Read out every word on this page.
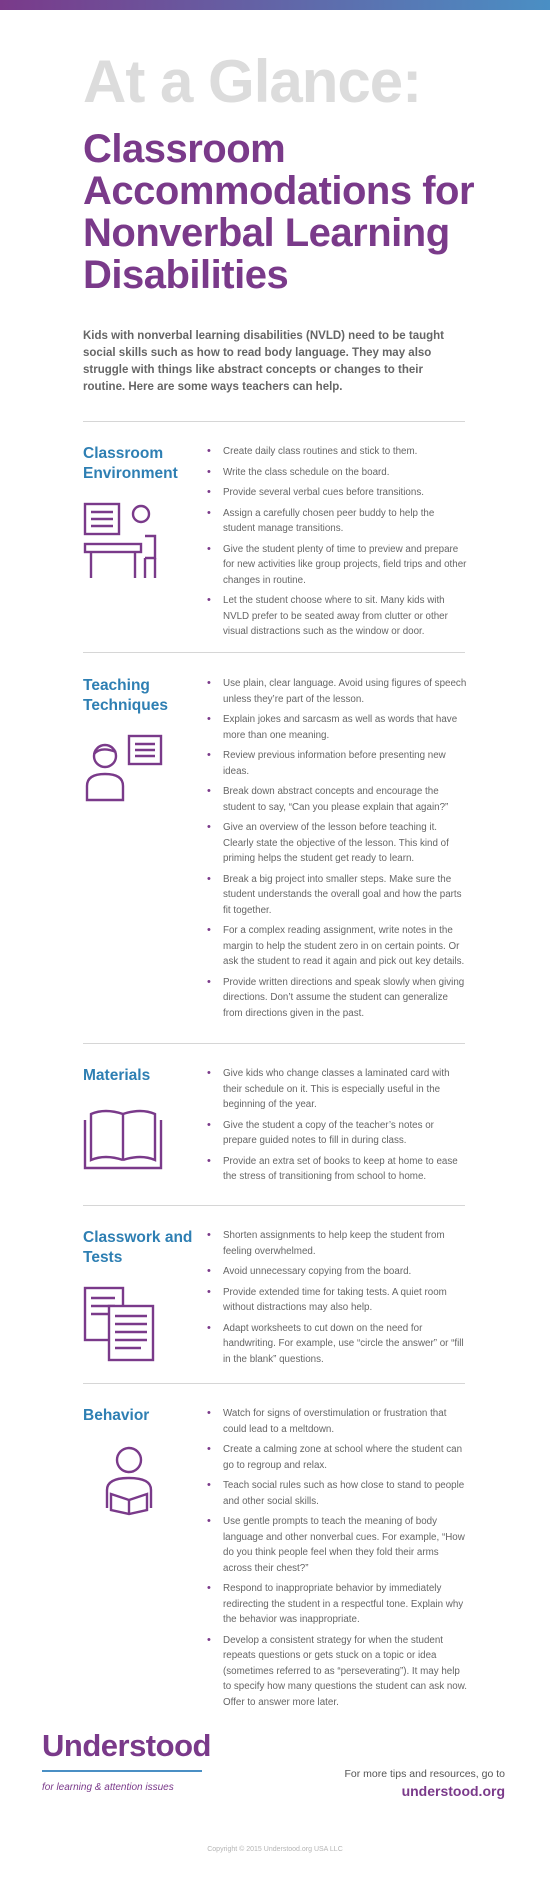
At a Glance:
Classroom Accommodations for Nonverbal Learning Disabilities
Kids with nonverbal learning disabilities (NVLD) need to be taught social skills such as how to read body language. They may also struggle with things like abstract concepts or changes to their routine. Here are some ways teachers can help.
Classroom Environment
• Create daily class routines and stick to them.
• Write the class schedule on the board.
• Provide several verbal cues before transitions.
• Assign a carefully chosen peer buddy to help the student manage transitions.
• Give the student plenty of time to preview and prepare for new activities like group projects, field trips and other changes in routine.
• Let the student choose where to sit. Many kids with NVLD prefer to be seated away from clutter or other visual distractions such as the window or door.
Teaching Techniques
• Use plain, clear language. Avoid using figures of speech unless they’re part of the lesson.
• Explain jokes and sarcasm as well as words that have more than one meaning.
• Review previous information before presenting new ideas.
• Break down abstract concepts and encourage the student to say, “Can you please explain that again?”
• Give an overview of the lesson before teaching it. Clearly state the objective of the lesson. This kind of priming helps the student get ready to learn.
• Break a big project into smaller steps. Make sure the student understands the overall goal and how the parts fit together.
• For a complex reading assignment, write notes in the margin to help the student zero in on certain points. Or ask the student to read it again and pick out key details.
• Provide written directions and speak slowly when giving directions. Don’t assume the student can generalize from directions given in the past.
Materials	• Give kids who change classes a laminated card with their schedule on it. This is especially useful in the beginning of the year.
• Give the student a copy of the teacher’s notes or prepare guided notes to fill in during class.
• Provide an extra set of books to keep at home to ease the stress of transitioning from school to home.
Classwork and Tests
• Shorten assignments to help keep the student from feeling overwhelmed.
• Avoid unnecessary copying from the board.
• Provide extended time for taking tests. A quiet room without distractions may also help.
• Adapt worksheets to cut down on the need for handwriting. For example, use “circle the answer” or “fill in the blank” questions.
Behavior	• Watch for signs of overstimulation or frustration that could lead to a meltdown.
• Create a calming zone at school where the student can go to regroup and relax.
• Teach social rules such as how close to stand to people and other social skills.
• Use gentle prompts to teach the meaning of body language and other nonverbal cues. For example, “How do you think people feel when they fold their arms across their chest?”
• Respond to inappropriate behavior by immediately redirecting the student in a respectful tone. Explain why the behavior was inappropriate.
• Develop a consistent strategy for when the student repeats questions or gets stuck on a topic or idea (sometimes referred to as “perseverating”). It may help to specify how many questions the student can ask now. Offer to answer more later.
Understood
for learning & attention issues
For more tips and resources, go to
understood.org
Copyright © 2015 Understood.org USA LLC
